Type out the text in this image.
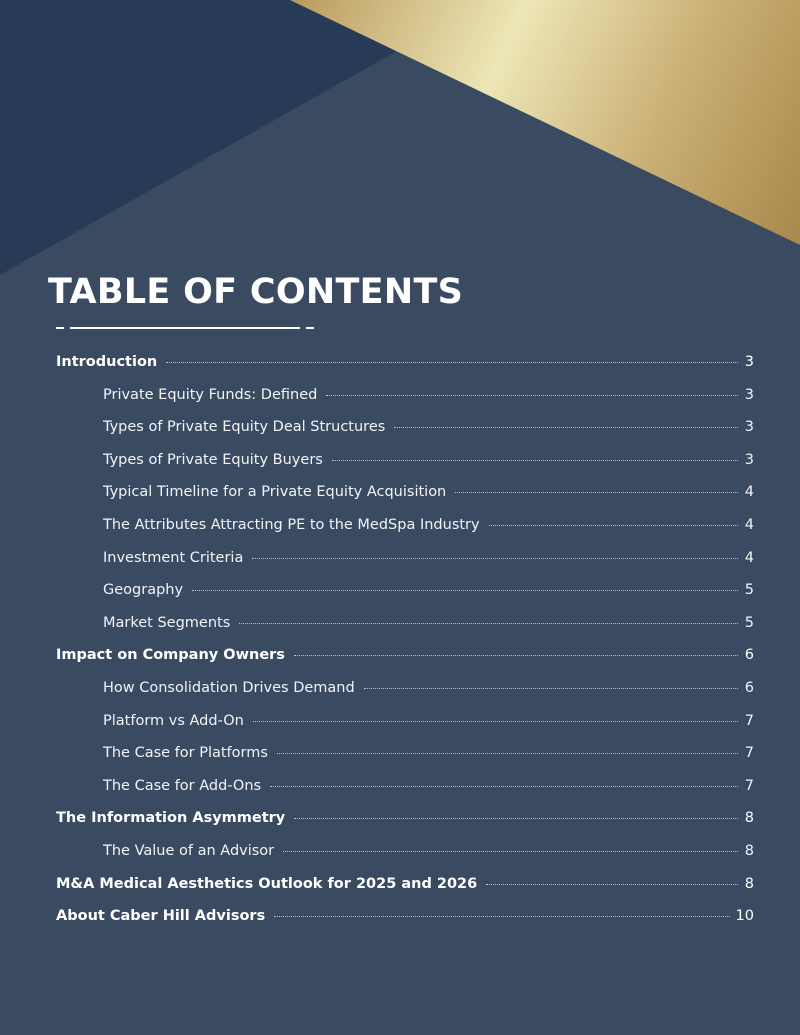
TABLE OF CONTENTS
Introduction	3
Private Equity Funds: Defined	3
Types of Private Equity Deal Structures	3
Types of Private Equity Buyers	3
Typical Timeline for a Private Equity Acquisition	4
The Attributes Attracting PE to the MedSpa Industry	4
Investment Criteria	4
Geography	5
Market Segments	5
Impact on Company Owners	6
How Consolidation Drives Demand	6
Platform vs Add-On	7
The Case for Platforms	7
The Case for Add-Ons	7
The Information Asymmetry	8
The Value of an Advisor	8
M&A Medical Aesthetics Outlook for 2025 and 2026	8
About Caber Hill Advisors	10
